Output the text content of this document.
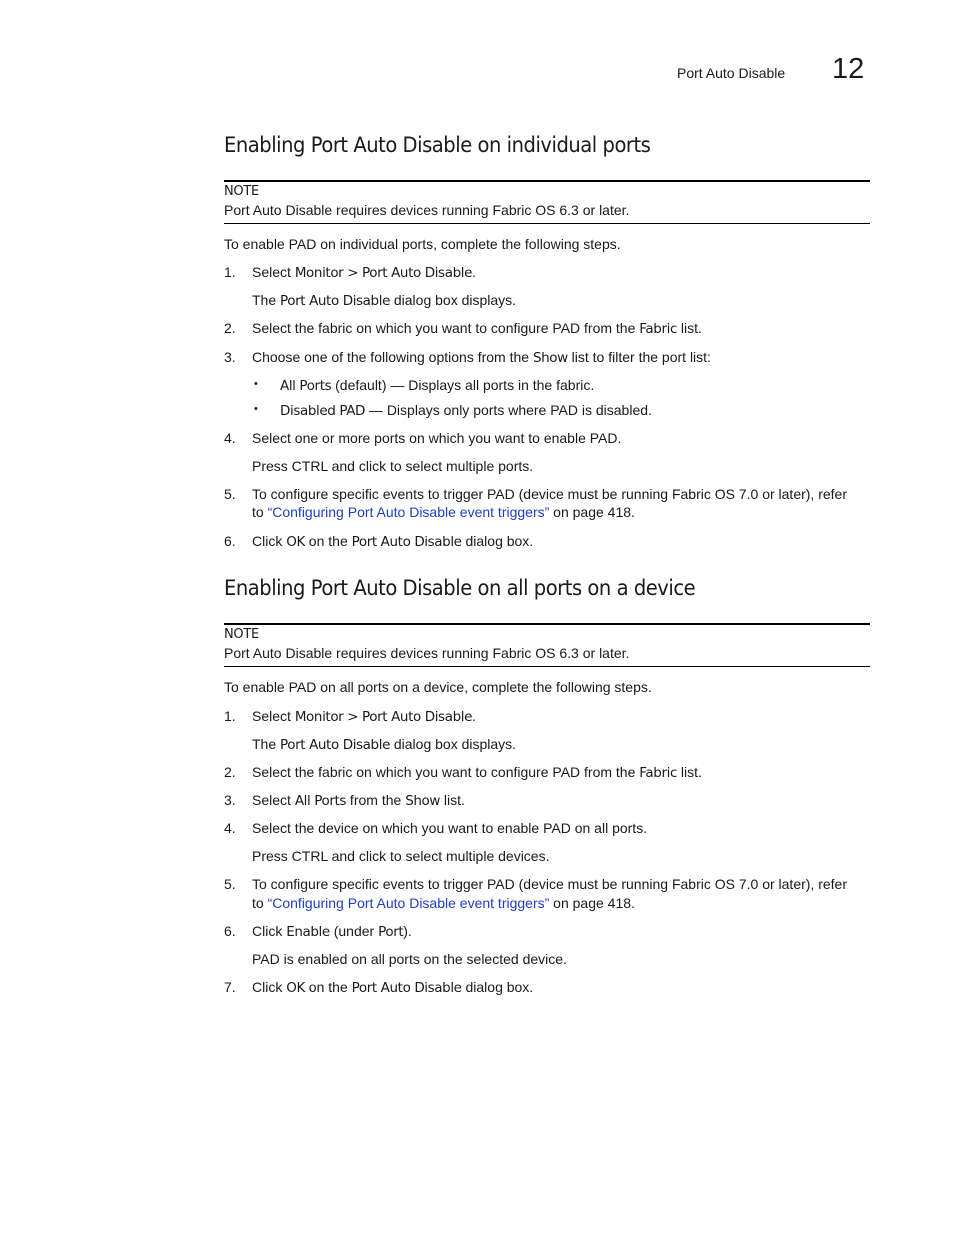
Port Auto Disable 12
Enabling Port Auto Disable on individual ports
NOTE
Port Auto Disable requires devices running Fabric OS 6.3 or later.
To enable PAD on individual ports, complete the following steps.
1. Select Monitor > Port Auto Disable.
The Port Auto Disable dialog box displays.
2. Select the fabric on which you want to configure PAD from the Fabric list.
3. Choose one of the following options from the Show list to filter the port list:
• All Ports (default) — Displays all ports in the fabric.
• Disabled PAD — Displays only ports where PAD is disabled.
4. Select one or more ports on which you want to enable PAD.
Press CTRL and click to select multiple ports.
5. To configure specific events to trigger PAD (device must be running Fabric OS 7.0 or later), refer
to “Configuring Port Auto Disable event triggers” on page 418.
6. Click OK on the Port Auto Disable dialog box.
Enabling Port Auto Disable on all ports on a device
NOTE
Port Auto Disable requires devices running Fabric OS 6.3 or later.
To enable PAD on all ports on a device, complete the following steps.
1. Select Monitor > Port Auto Disable.
The Port Auto Disable dialog box displays.
2. Select the fabric on which you want to configure PAD from the Fabric list.
3. Select All Ports from the Show list.
4. Select the device on which you want to enable PAD on all ports.
Press CTRL and click to select multiple devices.
5. To configure specific events to trigger PAD (device must be running Fabric OS 7.0 or later), refer
to “Configuring Port Auto Disable event triggers” on page 418.
6. Click Enable (under Port).
PAD is enabled on all ports on the selected device.
7. Click OK on the Port Auto Disable dialog box.
